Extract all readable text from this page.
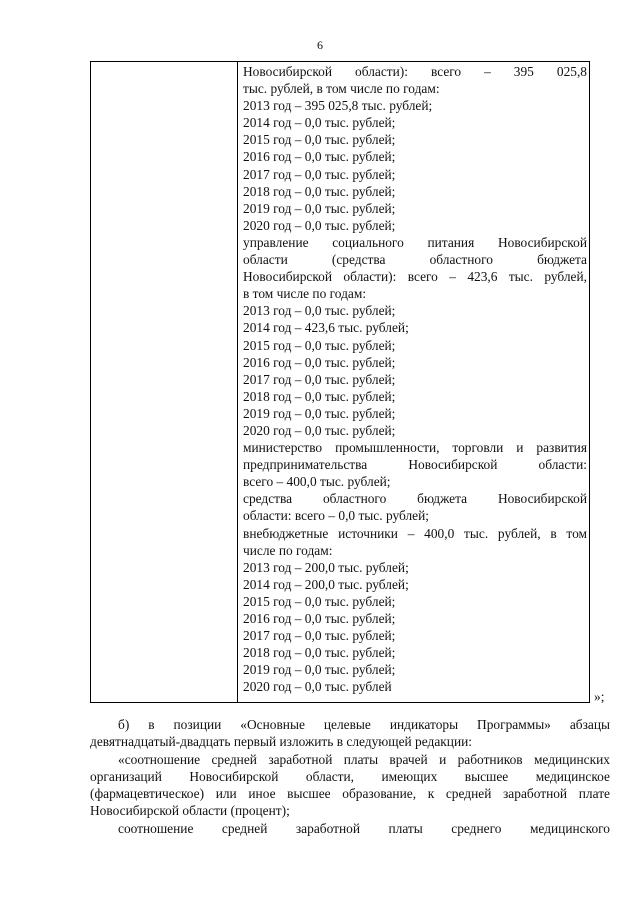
6
Новосибирской области): всего – 395 025,8
тыс. рублей, в том числе по годам:
2013 год – 395 025,8 тыс. рублей;
2014 год – 0,0 тыс. рублей;
2015 год – 0,0 тыс. рублей;
2016 год – 0,0 тыс. рублей;
2017 год – 0,0 тыс. рублей;
2018 год – 0,0 тыс. рублей;
2019 год – 0,0 тыс. рублей;
2020 год – 0,0 тыс. рублей;
управление социального питания Новосибирской
области (средства областного бюджета
Новосибирской области): всего – 423,6 тыс. рублей,
в том числе по годам:
2013 год – 0,0 тыс. рублей;
2014 год – 423,6 тыс. рублей;
2015 год – 0,0 тыс. рублей;
2016 год – 0,0 тыс. рублей;
2017 год – 0,0 тыс. рублей;
2018 год – 0,0 тыс. рублей;
2019 год – 0,0 тыс. рублей;
2020 год – 0,0 тыс. рублей;
министерство промышленности, торговли и развития
предпринимательства Новосибирской области:
всего – 400,0 тыс. рублей;
средства областного бюджета Новосибирской
области: всего – 0,0 тыс. рублей;
внебюджетные источники – 400,0 тыс. рублей, в том
числе по годам:
2013 год – 200,0 тыс. рублей;
2014 год – 200,0 тыс. рублей;
2015 год – 0,0 тыс. рублей;
2016 год – 0,0 тыс. рублей;
2017 год – 0,0 тыс. рублей;
2018 год – 0,0 тыс. рублей;
2019 год – 0,0 тыс. рублей;
2020 год – 0,0 тыс. рублей
»;
б) в позиции «Основные целевые индикаторы Программы» абзацы
девятнадцатый-двадцать первый изложить в следующей редакции:
«соотношение средней заработной платы врачей и работников медицинских
организаций Новосибирской области, имеющих высшее медицинское
(фармацевтическое) или иное высшее образование, к средней заработной плате
Новосибирской области (процент);
соотношение средней заработной платы среднего медицинского
